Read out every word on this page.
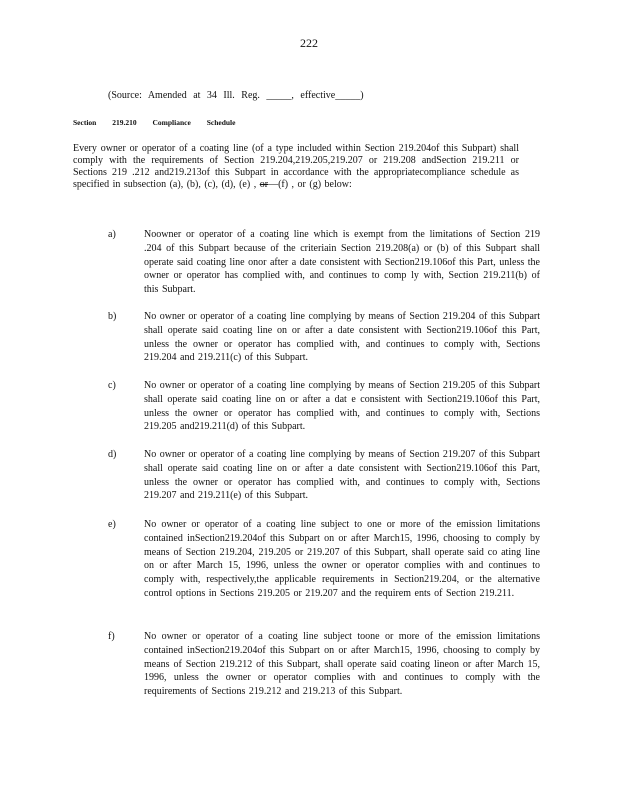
222
(Source: Amended at 34 Ill. Reg. _____, effective_____)
Section 219.210 Compliance Schedule
Every owner or operator of a coating line (of a type included within Section 219.204of this Subpart) shall comply with the requirements of Section 219.204,219.205,219.207 or 219.208 andSection 219.211 or Sections 219 .212 and219.213of this Subpart in accordance with the appropriatecompliance schedule as specified in subsection (a), (b), (c), (d), (e) , or—(f) , or (g) below:
a)	Noowner or operator of a coating line which is exempt from the limitations of Section 219 .204 of this Subpart because of the criteriain Section 219.208(a) or (b) of this Subpart shall operate said coating line onor after a date consistent with Section219.106of this Part, unless the owner or operator has complied with, and continues to comp ly with, Section 219.211(b) of this Subpart.
b)	No owner or operator of a coating line complying by means of Section 219.204 of this Subpart shall operate said coating line on or after a date consistent with Section219.106of this Part, unless the owner or operator has complied with, and continues to comply with, Sections 219.204 and 219.211(c) of this Subpart.
c)	No owner or operator of a coating line complying by means of Section 219.205 of this Subpart shall operate said coating line on or after a dat e consistent with Section219.106of this Part, unless the owner or operator has complied with, and continues to comply with, Sections 219.205 and219.211(d) of this Subpart.
d)	No owner or operator of a coating line complying by means of Section 219.207 of this Subpart shall operate said coating line on or after a date consistent with Section219.106of this Part, unless the owner or operator has complied with, and continues to comply with, Sections 219.207 and 219.211(e) of this Subpart.
e)	No owner or operator of a coating line subject to one or more of the emission limitations contained inSection219.204of this Subpart on or after March15, 1996, choosing to comply by means of Section 219.204, 219.205 or 219.207 of this Subpart, shall operate said co ating line on or after March 15, 1996, unless the owner or operator complies with and continues to comply with, respectively,the applicable requirements in Section219.204, or the alternative control options in Sections 219.205 or 219.207 and the requirem ents of Section 219.211.
f)	No owner or operator of a coating line subject toone or more of the emission limitations contained inSection219.204of this Subpart on or after March15, 1996, choosing to comply by means of Section 219.212 of this Subpart, shall operate said coating lineon or after March 15, 1996, unless the owner or operator complies with and continues to comply with the requirements of Sections 219.212 and 219.213 of this Subpart.
